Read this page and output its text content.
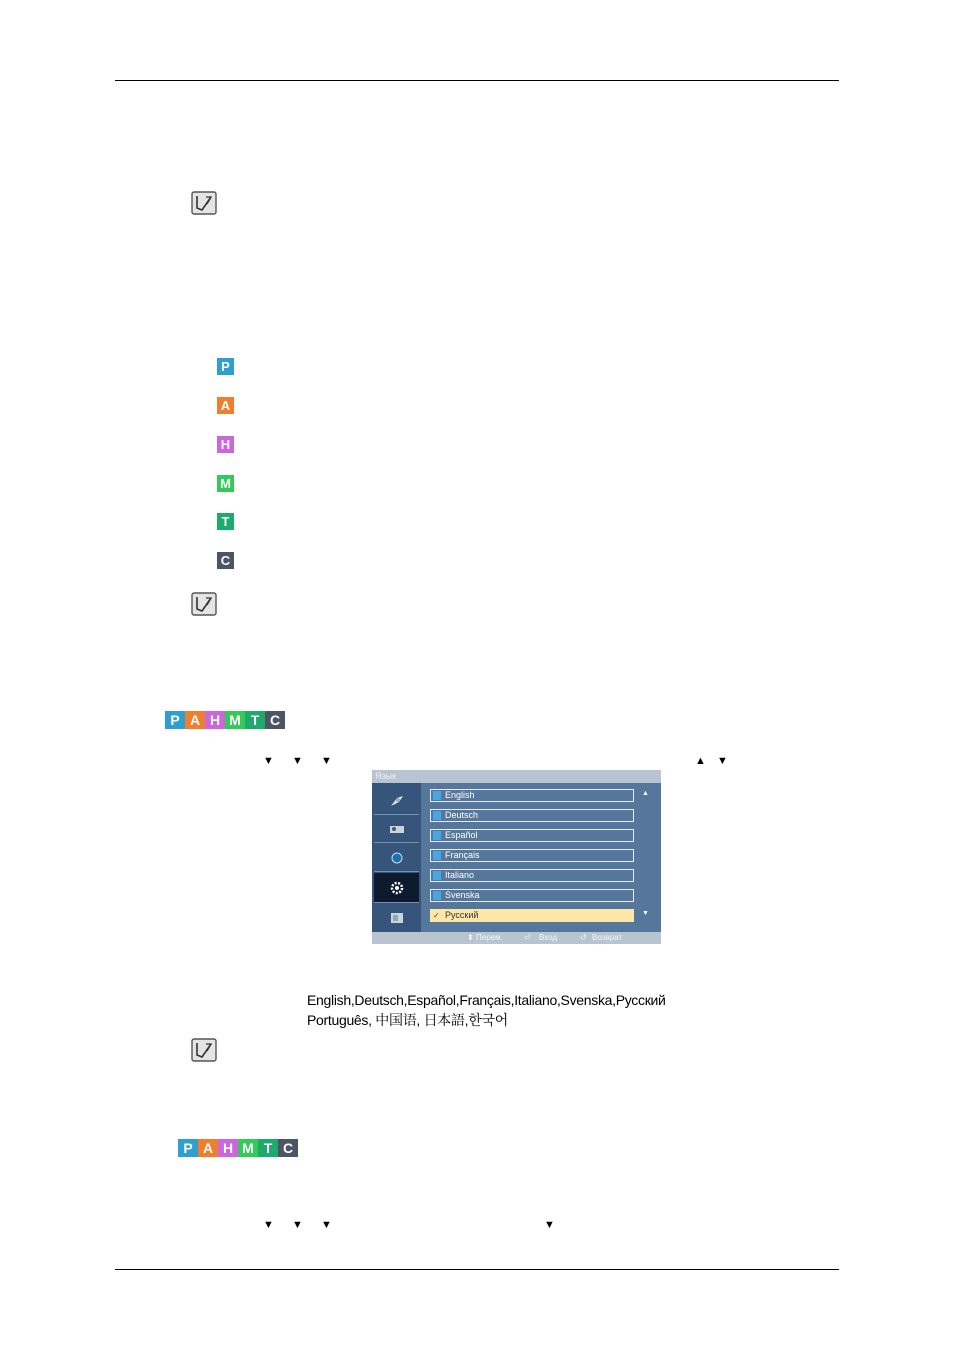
P
A
H
M
T
C
P A H M T C
▼ ▼ ▼	▲ ▼
Язык
English
Deutsch
Español
Français
Italiano
Svenska
✓ Русский
▲
▼
⬍ Перем.	⏎ Вход	↺ Возврат
English,Deutsch,Español,Français,Italiano,Svenska,Русский
Português, 中国语, 日本語,한국어
P A H M T C
▼ ▼ ▼	▼
